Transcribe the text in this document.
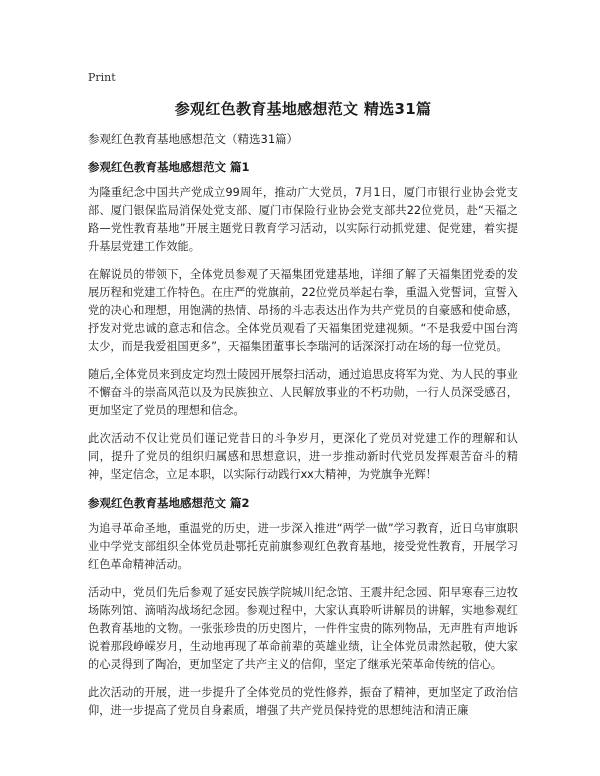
Print

参观红色教育基地感想范文 精选31篇

参观红色教育基地感想范文（精选31篇）

参观红色教育基地感想范文 篇1

为隆重纪念中国共产党成立99周年，推动广大党员，7月1日，厦门市银行业协会党支部、厦门银保监局消保处党支部、厦门市保险行业协会党支部共22位党员，赴“天福之路—党性教育基地”开展主题党日教育学习活动，以实际行动抓党建、促党建，着实提升基层党建工作效能。

在解说员的带领下，全体党员参观了天福集团党建基地，详细了解了天福集团党委的发展历程和党建工作特色。在庄严的党旗前，22位党员举起右拳，重温入党誓词，宣誓入党的决心和理想，用饱满的热情、昂扬的斗志表达出作为共产党员的自豪感和使命感，抒发对党忠诚的意志和信念。全体党员观看了天福集团党建视频。“不是我爱中国台湾太少，而是我爱祖国更多”，天福集团董事长李瑞河的话深深打动在场的每一位党员。

随后,全体党员来到皮定均烈士陵园开展祭扫活动，通过追思皮将军为党、为人民的事业不懈奋斗的崇高风范以及为民族独立、人民解放事业的不朽功勋，一行人员深受感召，更加坚定了党员的理想和信念。

此次活动不仅让党员们谨记党昔日的斗争岁月，更深化了党员对党建工作的理解和认同，提升了党员的组织归属感和思想意识，进一步推动新时代党员发挥艰苦奋斗的精神，坚定信念，立足本职，以实际行动践行xx大精神，为党旗争光辉！

参观红色教育基地感想范文 篇2

为追寻革命圣地，重温党的历史，进一步深入推进“两学一做”学习教育，近日乌审旗职业中学党支部组织全体党员赴鄂托克前旗参观红色教育基地，接受党性教育，开展学习红色革命精神活动。

活动中，党员们先后参观了延安民族学院城川纪念馆、王震井纪念园、阳早寒春三边牧场陈列馆、滴哨沟战场纪念园。参观过程中，大家认真聆听讲解员的讲解，实地参观红色教育基地的文物。一张张珍贵的历史图片，一件件宝贵的陈列物品，无声胜有声地诉说着那段峥嵘岁月，生动地再现了革命前辈的英雄业绩，让全体党员肃然起敬，使大家的心灵得到了陶冶，更加坚定了共产主义的信仰，坚定了继承光荣革命传统的信心。

此次活动的开展，进一步提升了全体党员的党性修养，振奋了精神，更加坚定了政治信仰，进一步提高了党员自身素质，增强了共产党员保持党的思想纯洁和清正廉
